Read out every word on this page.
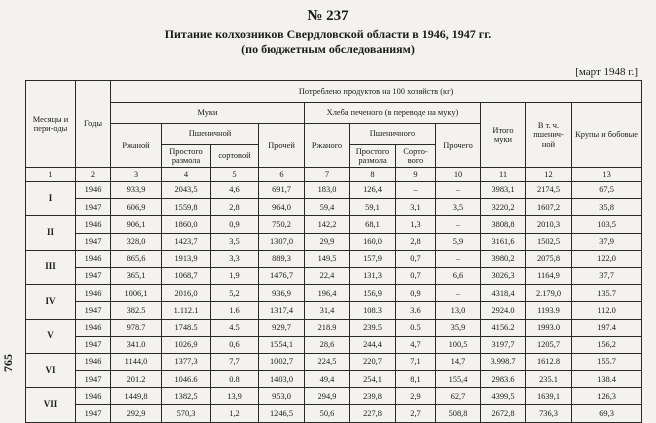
№ 237
Питание колхозников Свердловской области в 1946, 1947 гг.
(по бюджетным обследованиям)
[март 1948 г.]
765
Месяцы и пери-оды	Годы	Потреблено продуктов на 100 хозяйств (кг)										
		Муки				Хлеба печеного (в переводе на муку)				Итого муки	В т. ч. пшенич-ной	Крупы и бобовые
		Ржаной	Пшеничной		Прочей	Ржаного	Пшеничного		Прочего			
			Простого размола	сортовой			Простого размола	Сорто-вого				
1	2	3	4	5	6	7	8	9	10	11	12	13
I	1946	933,9	2043,5	4,6	691,7	183,0	126,4	–	–	3983,1	2174,5	67,5
	1947	606,9	1559,8	2,8	964,0	59,4	59,1	3,1	3,5	3220,2	1607,2	35,8
II	1946	906,1	1860,0	0,9	750,2	142,2	68,1	1,3	–	3808,8	2010,3	103,5
	1947	328,0	1423,7	3,5	1307,0	29,9	160,0	2,8	5,9	3161,6	1502,5	37,9
III	1946	865,6	1913,9	3,3	889,3	149,5	157,9	0,7	–	3980,2	2075,8	122,0
	1947	365,1	1068,7	1,9	1476,7	22,4	131,3	0,7	6,6	3026,3	1164,9	37,7
IV	1946	1006,1	2016,0	5,2	936,9	196,4	156,9	0,9	–	4318,4	2.179,0	135.7
	1947	382.5	1.112.1	1.6	1317,4	31,4	108.3	3.6	13,0	2924.0	1193.9	112.0
V	1946	978.7	1748.5	4.5	929,7	218.9	239.5	0.5	35,9	4156.2	1993.0	197.4
	1947	341.0	1026,9	0,6	1554,1	28,6	244,4	4,7	100,5	3197,7	1205,7	156,2
VI	1946	1144,0	1377,3	7,7	1002,7	224,5	220,7	7,1	14,7	3.998.7	1612.8	155.7
	1947	201.2	1046.6	0.8	1403,0	49,4	254,1	8,1	155,4	2983.6	235.1	138.4
VII	1946	1449,8	1382,5	13,9	953,0	294,9	239,8	2,9	62,7	4399,5	1639,1	126,3
	1947	292,9	570,3	1,2	1246,5	50,6	227,8	2,7	508,8	2672,8	736,3	69,3
